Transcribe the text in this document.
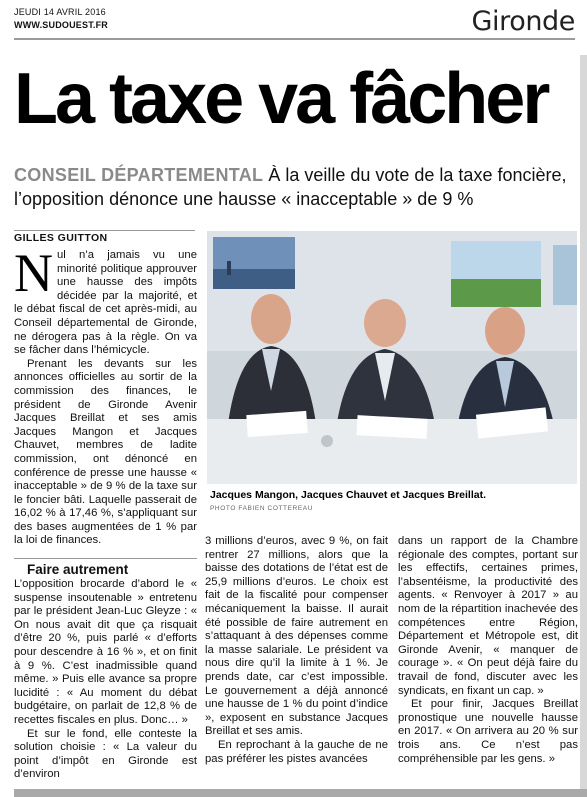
JEUDI 14 AVRIL 2016
WWW.SUDOUEST.FR	Gironde
La taxe va fâcher

CONSEIL DÉPARTEMENTAL À la veille du vote de la taxe foncière, l’opposition dénonce une hausse « inacceptable » de 9 %

GILLES GUITTON

Nul n’a jamais vu une minorité politique approuver une hausse des impôts décidée par la majorité, et le débat fiscal de cet après-midi, au Conseil départemental de Gironde, ne dérogera pas à la règle. On va se fâcher dans l’hémicycle.

Prenant les devants sur les annonces officielles au sortir de la commission des finances, le président de Gironde Avenir Jacques Breillat et ses amis Jacques Mangon et Jacques Chauvet, membres de ladite commission, ont dénoncé en conférence de presse une hausse « inacceptable » de 9 % de la taxe sur le foncier bâti. Laquelle passerait de 16,02 % à 17,46 %, s’appliquant sur des bases augmentées de 1 % par la loi de finances.

Faire autrement

L’opposition brocarde d’abord le « suspense insoutenable » entretenu par le président Jean-Luc Gleyze : « On nous avait dit que ça risquait d’être 20 %, puis parlé « d’efforts pour descendre à 16 % », et on finit à 9 %. C’est inadmissible quand même. » Puis elle avance sa propre lucidité : « Au moment du débat budgétaire, on parlait de 12,8 % de recettes fiscales en plus. Donc… »

Et sur le fond, elle conteste la solution choisie : « La valeur du point d’impôt en Gironde est d’environ

Jacques Mangon, Jacques Chauvet et Jacques Breillat.
PHOTO FABIEN COTTEREAU

3 millions d’euros, avec 9 %, on fait rentrer 27 millions, alors que la baisse des dotations de l’état est de 25,9 millions d’euros. Le choix est fait de la fiscalité pour compenser mécaniquement la baisse. Il aurait été possible de faire autrement en s’attaquant à des dépenses comme la masse salariale. Le président va nous dire qu’il la limite à 1 %. Je prends date, car c’est impossible. Le gouvernement a déjà annoncé une hausse de 1 % du point d’indice », exposent en substance Jacques Breillat et ses amis.

En reprochant à la gauche de ne pas préférer les pistes avancées

dans un rapport de la Chambre régionale des comptes, portant sur les effectifs, certaines primes, l’absentéisme, la productivité des agents. « Renvoyer à 2017 » au nom de la répartition inachevée des compétences entre Région, Département et Métropole est, dit Gironde Avenir, « manquer de courage ». « On peut déjà faire du travail de fond, discuter avec les syndicats, en fixant un cap. »

Et pour finir, Jacques Breillat pronostique une nouvelle hausse en 2017. « On arrivera au 20 % sur trois ans. Ce n’est pas compréhensible par les gens. »
